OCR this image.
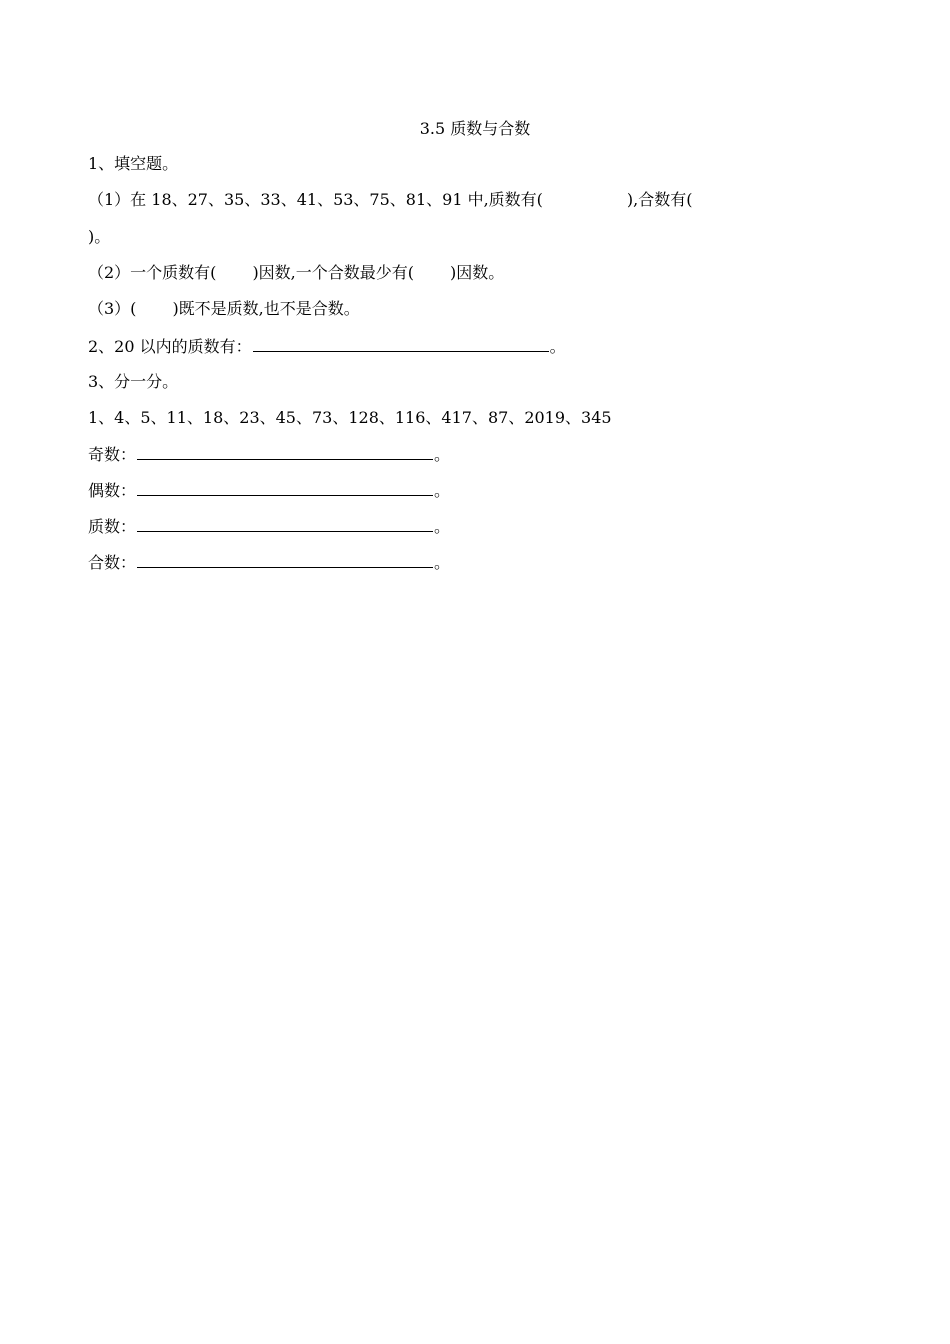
3.5 质数与合数
1、填空题。
（1）在 18、27、35、33、41、53、75、81、91 中,质数有(	),合数有(
)。
（2）一个质数有( )因数,一个合数最少有( )因数。
（3）( )既不是质数,也不是合数。
2、20 以内的质数有：	。
3、分一分。
1、4、5、11、18、23、45、73、128、116、417、87、2019、345
奇数：	。
偶数：	。
质数：	。
合数：	。
